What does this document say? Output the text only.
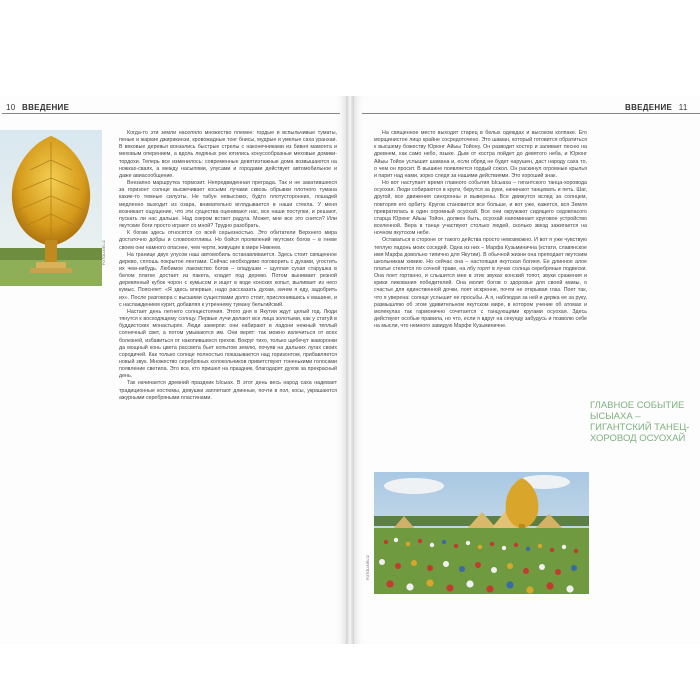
10 ВВЕДЕНИЕ
FOTOLIA/ELIZ

Когда-то эти земли населяло множество племен: гордые и вспыльчивые туматы, пеные и жаркие джирикинэи, кровожадные тонг бнисы, мудрые и умелые саха уранхаи. В вековые деревья вонзались быстрые стрелы с наконечниками из бивня мамонта и меховым оперением, а вдоль ледяных рек ютились конусообразные меховые домики-тордохи. Теперь все изменилось: современные девятиэтажные дома возвышаются на ножках-сваях, а между насыпями, улусами и городами действует автомобильное и даже авиасообщение.

Внезапно маршрутка тормозит. Непредвиденная преграда. Так и не закатившееся за горизонт солнце высвечивает косыми лучами сквозь обрывки плотного тумана какие-то темные силуэты. Не табун невысоких, будто плотусторонних, лошадей медленно выходит из озара, внимательно вглядывается в наши стекла. У меня возникает ощущение, что эти существа оценивают нас, все наши поступки, и решают, пускать ли нас дальше. Над озером встает радуга. Может, мне все это снится? Или якутские боги просто играют со мной? Трудно разобрать.

К богам здесь относятся со всей серьезностью. Это обитатели Верхнего мира достаточно добры и словоохотливы. Но бойся проявлений якутских богов – в гневе своем они намного опаснее, чем черти, живущие в мире Нижнем.

На границе двух улусов наш автомобиль останавливается. Здесь стоит священное дерево, сплошь покрытое лентами. Сейчас необходимо поговорить с духами, угостить их чем-нибудь. Любимое лакомство богов – оладушки – щуплая сухая старушка в белом платке достает из пакета, кладет под дерево. Потом вынимает резной деревянный кубок чорон с кумысом и ищет в воде конских копыт, выливает из него кумыс. Поясняет: «Я здесь впервые, надо рассказать духам, зачем я еду, задобрить их». После разговора с высшими существами долго стоит, прислонившись к машине, и с наслаждением курит, добавляя к утреннему туману бельгийский.

Настает день летнего солнцестояния. Этого дня в Якутии ждут целый год. Люди тянутся к восходящему солнцу. Первые лучи делают все лица золотыми, как у статуй в буддистских монастырях. Люди замерли: они набирают в ладони нежный теплый солнечный свет, а потом умываются им. Они верят: так можно излечиться от всех болезней, избавиться от накопившихся грехов. Вокруг тихо, только щебечут жаворонки да мощный конь цвета рассвета бьет копытом землю, почуяв на дальних лугах своих сородичей. Как только солнце полностью показывается над горизонтом, прибавляется новый звук. Множество серебряных колокольчиков приветствуют тоненькими голосами появление светила. Это все, кто пришел на праздник, благодарят духов за прекрасный день.

Так начинается древний праздник Ысыах. В этот день весь народ саха надевает традиционные костюмы, девушки заплетают длинные, почти в пол, косы, украшаются ажурными серебряными пластинами.

ВВЕДЕНИЕ 11

На священное место выходит старец в белых одеждах и высоком колпаке. Его морщинистое лицо крайне сосредоточено. Это шаман, который готовится обратиться к высшему божеству Юрюнг Айыы Тойону. Он разводит костер и заливает песню на древнем, как само небо, языке. Дым от костра пойдет до девятого неба, и Юрюнг Айыы Тойон услышит шамана и, если обряд не будет нарушен, даст народу саха то, о чем он просит. В вышине появляется гордый сокол. Он раскинул огромные крылья и парит над нами, зорко следя за нашими действиями. Это хороший знак.

Но вот наступает время главного события Ысыаха – гигантского танца-хоровода осуохая. Люди собираются в круги, берутся за руки, начинают танцевать и петь. Шаг, другой, все движения синхронны и выверены. Все движутся вслед за солнцем, повторяя его орбиту. Кругов становится все больше, и вот уже, кажется, вся Земля превратилась в один огромный осуохай. Все они окружают сидящего седовласого старца Юрюнг Айыы Тойон, должен быть, осуохай напоминает круговое устройство вселенной. Вера в танце участвуют столько людей, сколько звезд зажигается на ночном якутском небе.

Оставаться в стороне от такого действа просто невозможно. И вот я уже чувствую теплую ладонь моих соседей. Одна из них – Марфа Кузьминична (кстати, славянское имя Марфа довольно типично для Якутии). В обычной жизни она преподает якутским школьникам химию. Но сейчас она – настоящая якутская богиня. Ее длинное алое платье стелется по сочной траве, на лбу горят в лучах солнца серебряные подвески. Она поет гортанно, и слышится мне в этих звуках конский топот, звуки сражения и крики ликования победителей. Она молит богов о здоровье для своей мамы, о счастье для единственной дочки, поет искренне, почти не открывая глаз. Поет так, что я уверена: солнце услышит ее просьбы. А я, наблюдая за ней и держа ее за руку, размышляю об этом удивительном якутском мире, в котором учение об атомах и молекулах так гармонично сочетается с танцующими кругами осуохая. Здесь действуют особые правила, но что, если я вдруг на секунду забудусь и позволю себе на мысли, что немного завидую Марфе Кузьминичне.

ГЛАВНОЕ СОБЫТИЕ ЫСЫАХА – ГИГАНТСКИЙ ТАНЕЦ-ХОРОВОД ОСУОХАЙ
FOTOLIA/ELIZ
